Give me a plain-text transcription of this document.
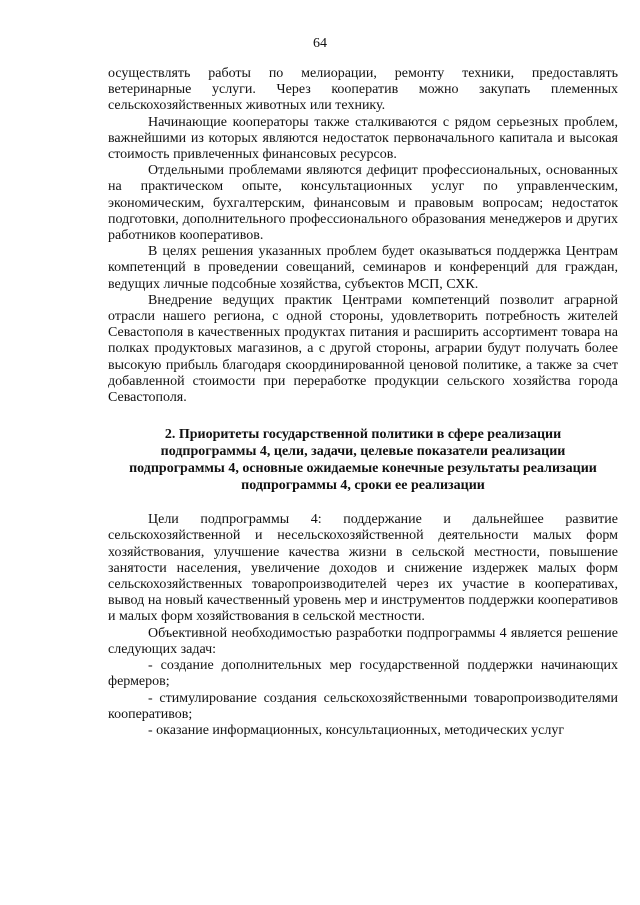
64

осуществлять работы по мелиорации, ремонту техники, предоставлять ветеринарные услуги. Через кооператив можно закупать племенных сельскохозяйственных животных или технику.

Начинающие кооператоры также сталкиваются с рядом серьезных проблем, важнейшими из которых являются недостаток первоначального капитала и высокая стоимость привлеченных финансовых ресурсов.

Отдельными проблемами являются дефицит профессиональных, основанных на практическом опыте, консультационных услуг по управленческим, экономическим, бухгалтерским, финансовым и правовым вопросам; недостаток подготовки, дополнительного профессионального образования менеджеров и других работников кооперативов.

В целях решения указанных проблем будет оказываться поддержка Центрам компетенций в проведении совещаний, семинаров и конференций для граждан, ведущих личные подсобные хозяйства, субъектов МСП, СХК.

Внедрение ведущих практик Центрами компетенций позволит аграрной отрасли нашего региона, с одной стороны, удовлетворить потребность жителей Севастополя в качественных продуктах питания и расширить ассортимент товара на полках продуктовых магазинов, а с другой стороны, аграрии будут получать более высокую прибыль благодаря скоординированной ценовой политике, а также за счет добавленной стоимости при переработке продукции сельского хозяйства города Севастополя.

2. Приоритеты государственной политики в сфере реализации подпрограммы 4, цели, задачи, целевые показатели реализации подпрограммы 4, основные ожидаемые конечные результаты реализации подпрограммы 4, сроки ее реализации

Цели подпрограммы 4: поддержание и дальнейшее развитие сельскохозяйственной и несельскохозяйственной деятельности малых форм хозяйствования, улучшение качества жизни в сельской местности, повышение занятости населения, увеличение доходов и снижение издержек малых форм сельскохозяйственных товаропроизводителей через их участие в кооперативах, вывод на новый качественный уровень мер и инструментов поддержки кооперативов и малых форм хозяйствования в сельской местности.

Объективной необходимостью разработки подпрограммы 4 является решение следующих задач:

- создание дополнительных мер государственной поддержки начинающих фермеров;

- стимулирование создания сельскохозяйственными товаропроизводителями кооперативов;

- оказание информационных, консультационных, методических услуг
